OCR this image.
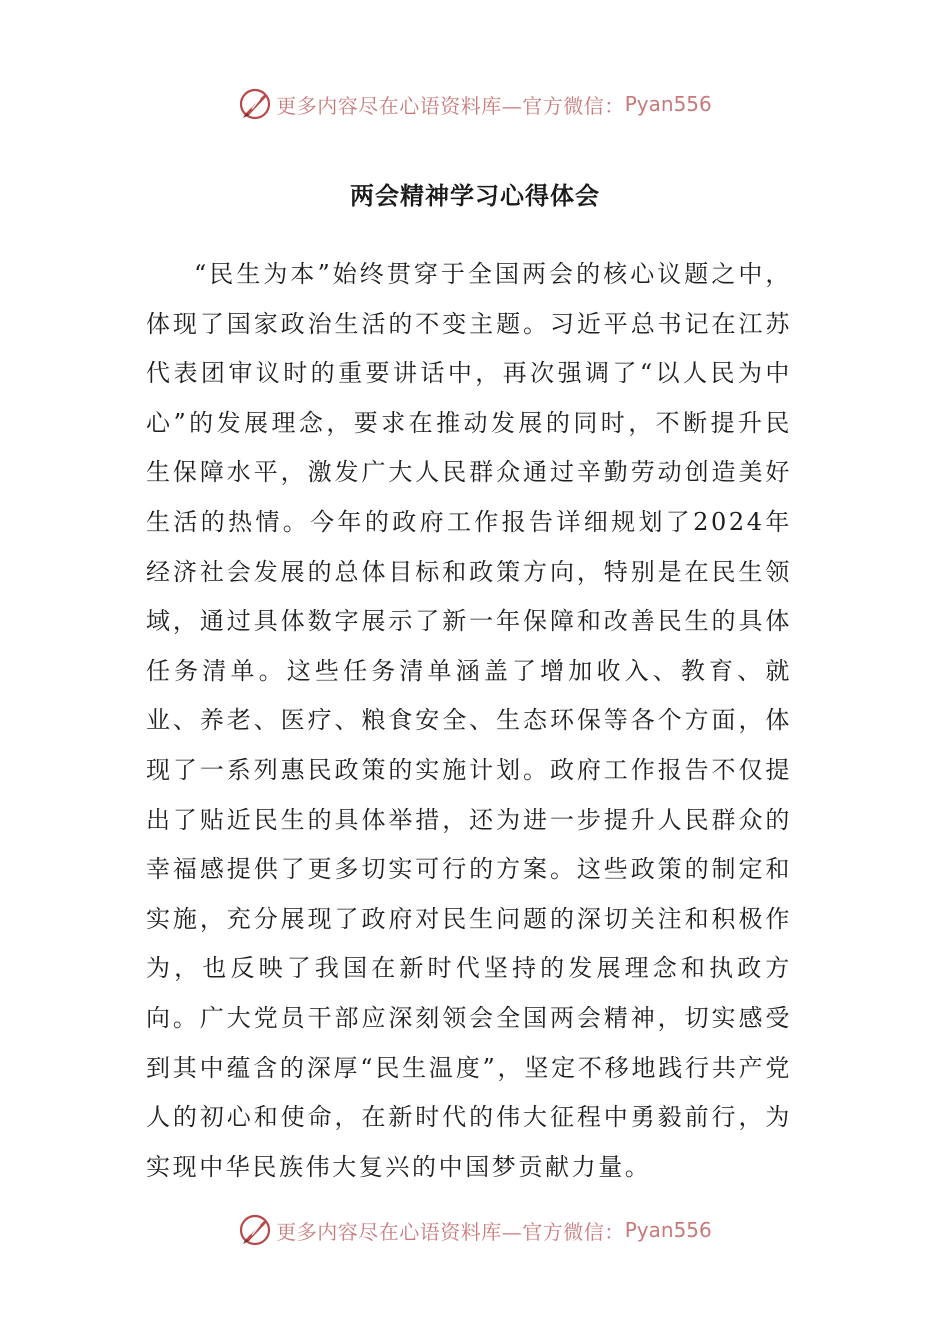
更多内容尽在心语资料库—官方微信： Pyan556
两会精神学习心得体会

“民生为本”始终贯穿于全国两会的核心议题之中，体现了国家政治生活的不变主题。习近平总书记在江苏代表团审议时的重要讲话中，再次强调了“以人民为中心”的发展理念，要求在推动发展的同时，不断提升民生保障水平，激发广大人民群众通过辛勤劳动创造美好生活的热情。今年的政府工作报告详细规划了2024年经济社会发展的总体目标和政策方向，特别是在民生领域，通过具体数字展示了新一年保障和改善民生的具体任务清单。这些任务清单涵盖了增加收入、教育、就业、养老、医疗、粮食安全、生态环保等各个方面，体现了一系列惠民政策的实施计划。政府工作报告不仅提出了贴近民生的具体举措，还为进一步提升人民群众的幸福感提供了更多切实可行的方案。这些政策的制定和实施，充分展现了政府对民生问题的深切关注和积极作为，也反映了我国在新时代坚持的发展理念和执政方向。广大党员干部应深刻领会全国两会精神，切实感受到其中蕴含的深厚“民生温度”，坚定不移地践行共产党人的初心和使命，在新时代的伟大征程中勇毅前行，为实现中华民族伟大复兴的中国梦贡献力量。

更多内容尽在心语资料库—官方微信： Pyan556
